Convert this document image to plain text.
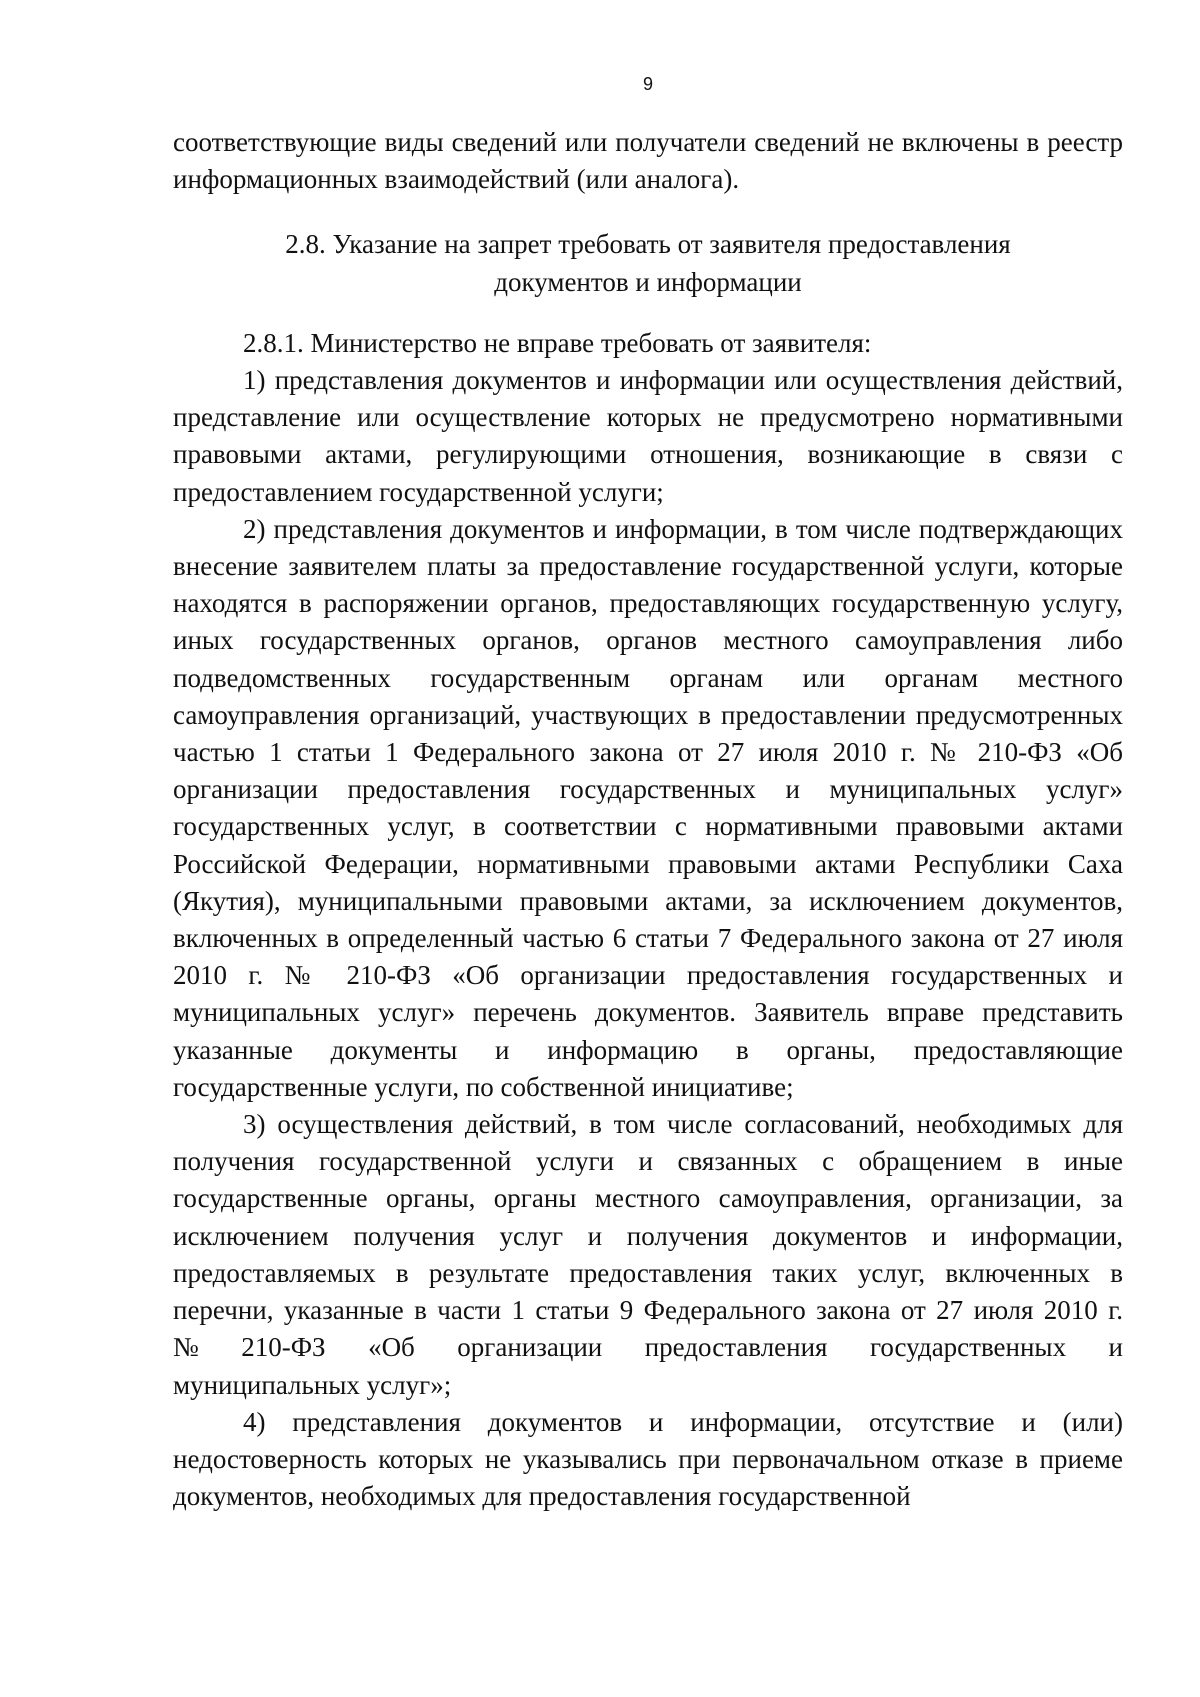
9

соответствующие виды сведений или получатели сведений не включены в реестр информационных взаимодействий (или аналога).

2.8. Указание на запрет требовать от заявителя предоставления
документов и информации

2.8.1. Министерство не вправе требовать от заявителя:

1) представления документов и информации или осуществления действий, представление или осуществление которых не предусмотрено нормативными правовыми актами, регулирующими отношения, возникающие в связи с предоставлением государственной услуги;

2) представления документов и информации, в том числе подтверждающих внесение заявителем платы за предоставление государственной услуги, которые находятся в распоряжении органов, предоставляющих государственную услугу, иных государственных органов, органов местного самоуправления либо подведомственных государственным органам или органам местного самоуправления организаций, участвующих в предоставлении предусмотренных частью 1 статьи 1 Федерального закона от 27 июля 2010 г. № 210-ФЗ «Об организации предоставления государственных и муниципальных услуг» государственных услуг, в соответствии с нормативными правовыми актами Российской Федерации, нормативными правовыми актами Республики Саха (Якутия), муниципальными правовыми актами, за исключением документов, включенных в определенный частью 6 статьи 7 Федерального закона от 27 июля 2010 г. № 210-ФЗ «Об организации предоставления государственных и муниципальных услуг» перечень документов. Заявитель вправе представить указанные документы и информацию в органы, предоставляющие государственные услуги, по собственной инициативе;

3) осуществления действий, в том числе согласований, необходимых для получения государственной услуги и связанных с обращением в иные государственные органы, органы местного самоуправления, организации, за исключением получения услуг и получения документов и информации, предоставляемых в результате предоставления таких услуг, включенных в перечни, указанные в части 1 статьи 9 Федерального закона от 27 июля 2010 г.

№ 210-ФЗ «Об организации предоставления государственных и

муниципальных услуг»;

4) представления документов и информации, отсутствие и (или) недостоверность которых не указывались при первоначальном отказе в приеме документов, необходимых для предоставления государственной
